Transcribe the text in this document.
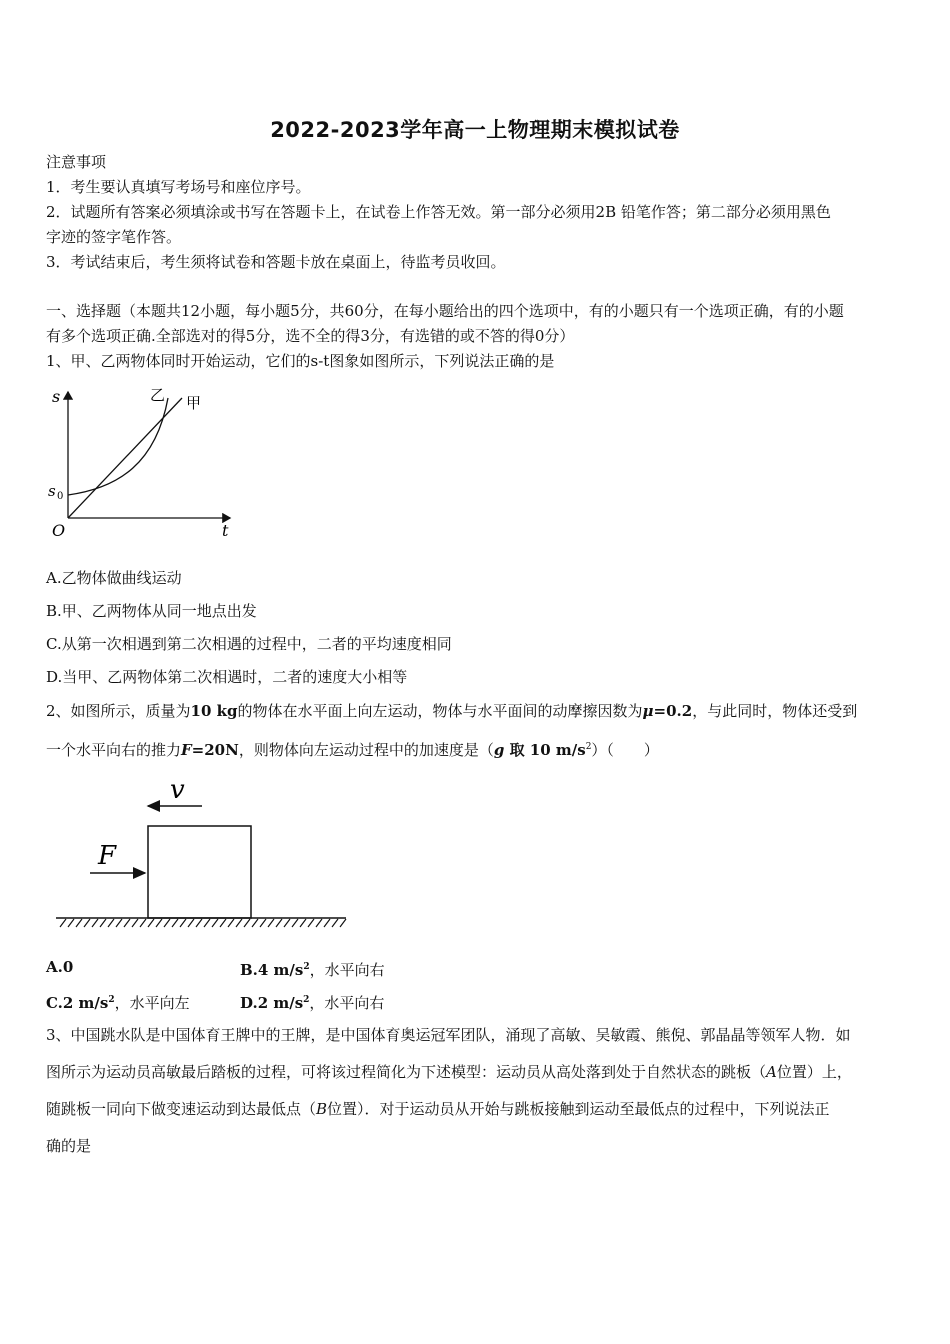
2022-2023学年高一上物理期末模拟试卷
注意事项
1．考生要认真填写考场号和座位序号。
2．试题所有答案必须填涂或书写在答题卡上，在试卷上作答无效。第一部分必须用2B 铅笔作答；第二部分必须用黑色
字迹的签字笔作答。
3．考试结束后，考生须将试卷和答题卡放在桌面上，待监考员收回。
一、选择题（本题共12小题，每小题5分，共60分，在每小题给出的四个选项中，有的小题只有一个选项正确，有的小题
有多个选项正确.全部选对的得5分，选不全的得3分，有选错的或不答的得0分）
1、甲、乙两物体同时开始运动，它们的s-t图象如图所示，下列说法正确的是
s
t
O
s 0
乙 甲
A.乙物体做曲线运动
B.甲、乙两物体从同一地点出发
C.从第一次相遇到第二次相遇的过程中，二者的平均速度相同
D.当甲、乙两物体第二次相遇时，二者的速度大小相等
2、如图所示，质量为10 kg的物体在水平面上向左运动，物体与水平面间的动摩擦因数为μ=0.2，与此同时，物体还受到
一个水平向右的推力F=20N，则物体向左运动过程中的加速度是（g 取 10 $m/s^2$）（　　）
v
F
A.0	B.4 $m/s^2$，水平向右
C.2 $m/s^2$，水平向左	D.2 $m/s^2$，水平向右
3、中国跳水队是中国体育王牌中的王牌，是中国体育奥运冠军团队，涌现了高敏、吴敏霞、熊倪、郭晶晶等领军人物．如
图所示为运动员高敏最后踏板的过程，可将该过程简化为下述模型：运动员从高处落到处于自然状态的跳板（A位置）上，
随跳板一同向下做变速运动到达最低点（B位置）．对于运动员从开始与跳板接触到运动至最低点的过程中，下列说法正
确的是
